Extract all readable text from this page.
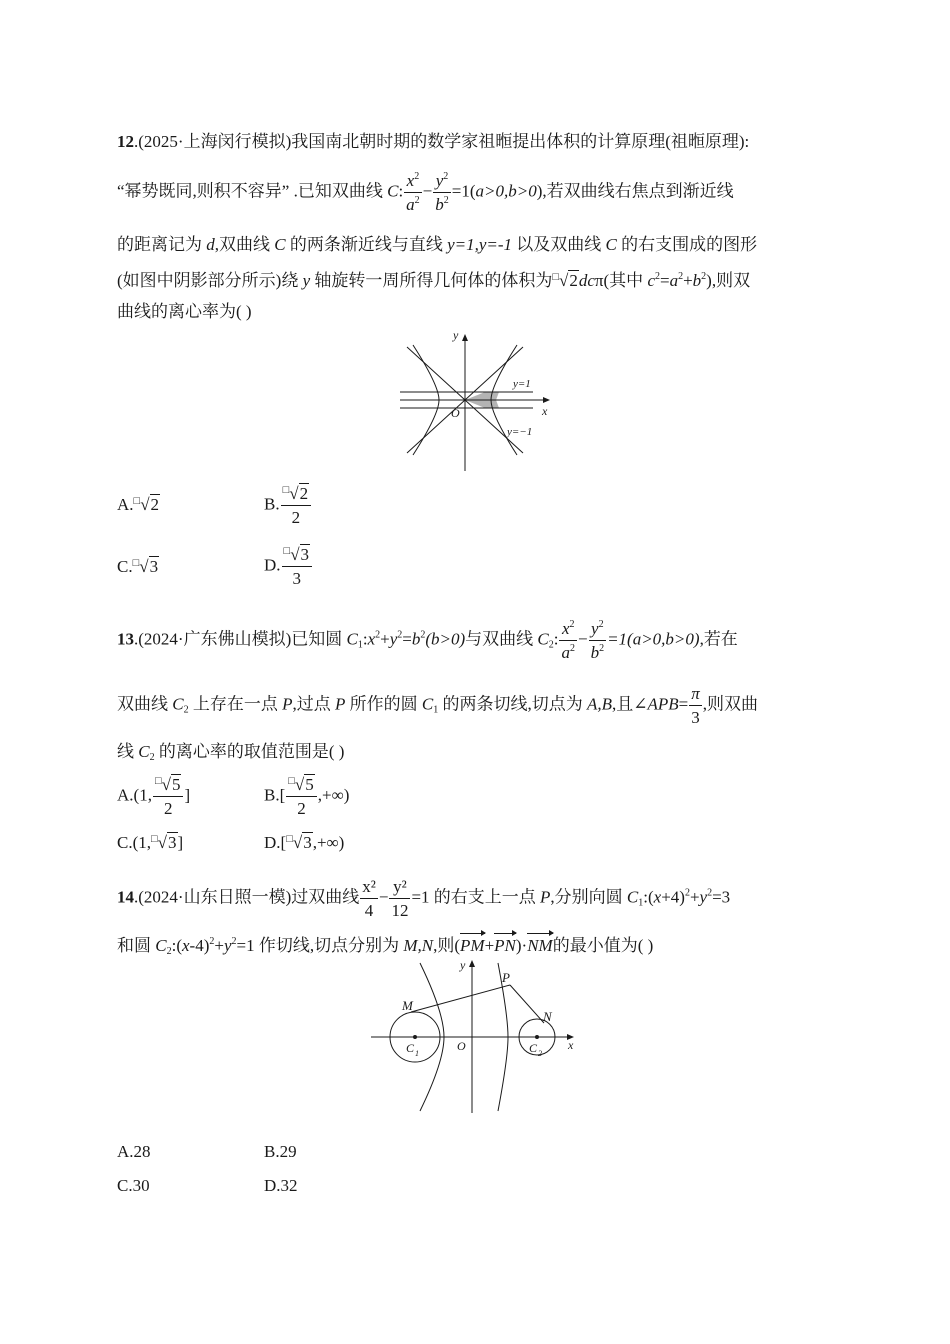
12.(2025·上海闵行模拟)我国南北朝时期的数学家祖暅提出体积的计算原理(祖暅原理):
“幂势既同,则积不容异” .已知双曲线 C: $\frac{x^2}{a^2} - \frac{y^2}{b^2} =1(a>0,b>0)$,若双曲线右焦点到渐近线
的距离记为 d,双曲线 C 的两条渐近线与直线 y=1,y=-1 以及双曲线 C 的右支围成的图形
(如图中阴影部分所示)绕 y 轴旋转一周所得几何体的体积为□√2dcπ(其中 $c^2=a^2+b^2$),则双
曲线的离心率为( )
y
x
O
y=1
y=−1
A.□√2	B. $\frac{^□√2}{2}$
C.□√3	D. $\frac{^□√3}{3}$
13.(2024·广东佛山模拟)已知圆 $C_1:x^2+y^2=b^2(b>0)$与双曲线 $C_2$: $\frac{x^2}{a^2} - \frac{y^2}{b^2} =1(a>0,b>0)$,若在
双曲线 $C_2$ 上存在一点 P,过点 P 所作的圆 $C_1$ 的两条切线,切点为 A,B,且∠APB= $\frac{\pi}{3}$ ,则双曲
线 $C_2$ 的离心率的取值范围是( )
A.(1, $\frac{^□√5}{2}$ ]	$B.[ \frac{^□√5}{2}$ ,+∞)
C.(1,□√3]	D.[□√3,+∞)
14.(2024·山东日照一模)过双曲线 $\frac{\text{x²}}{4} - \frac{\text{y²}}{12} =1$ 的右支上一点 P,分别向圆 $C_1:(x+4)^2+y^2=3$
和圆 $C_2:(x-4)^2+y^2=1$ 作切线,切点分别为 M,N,则(PM+PN)·NM的最小值为( )
y
x
O
M
P
N
C 1	C 2
A.28	B.29
C.30	D.32
